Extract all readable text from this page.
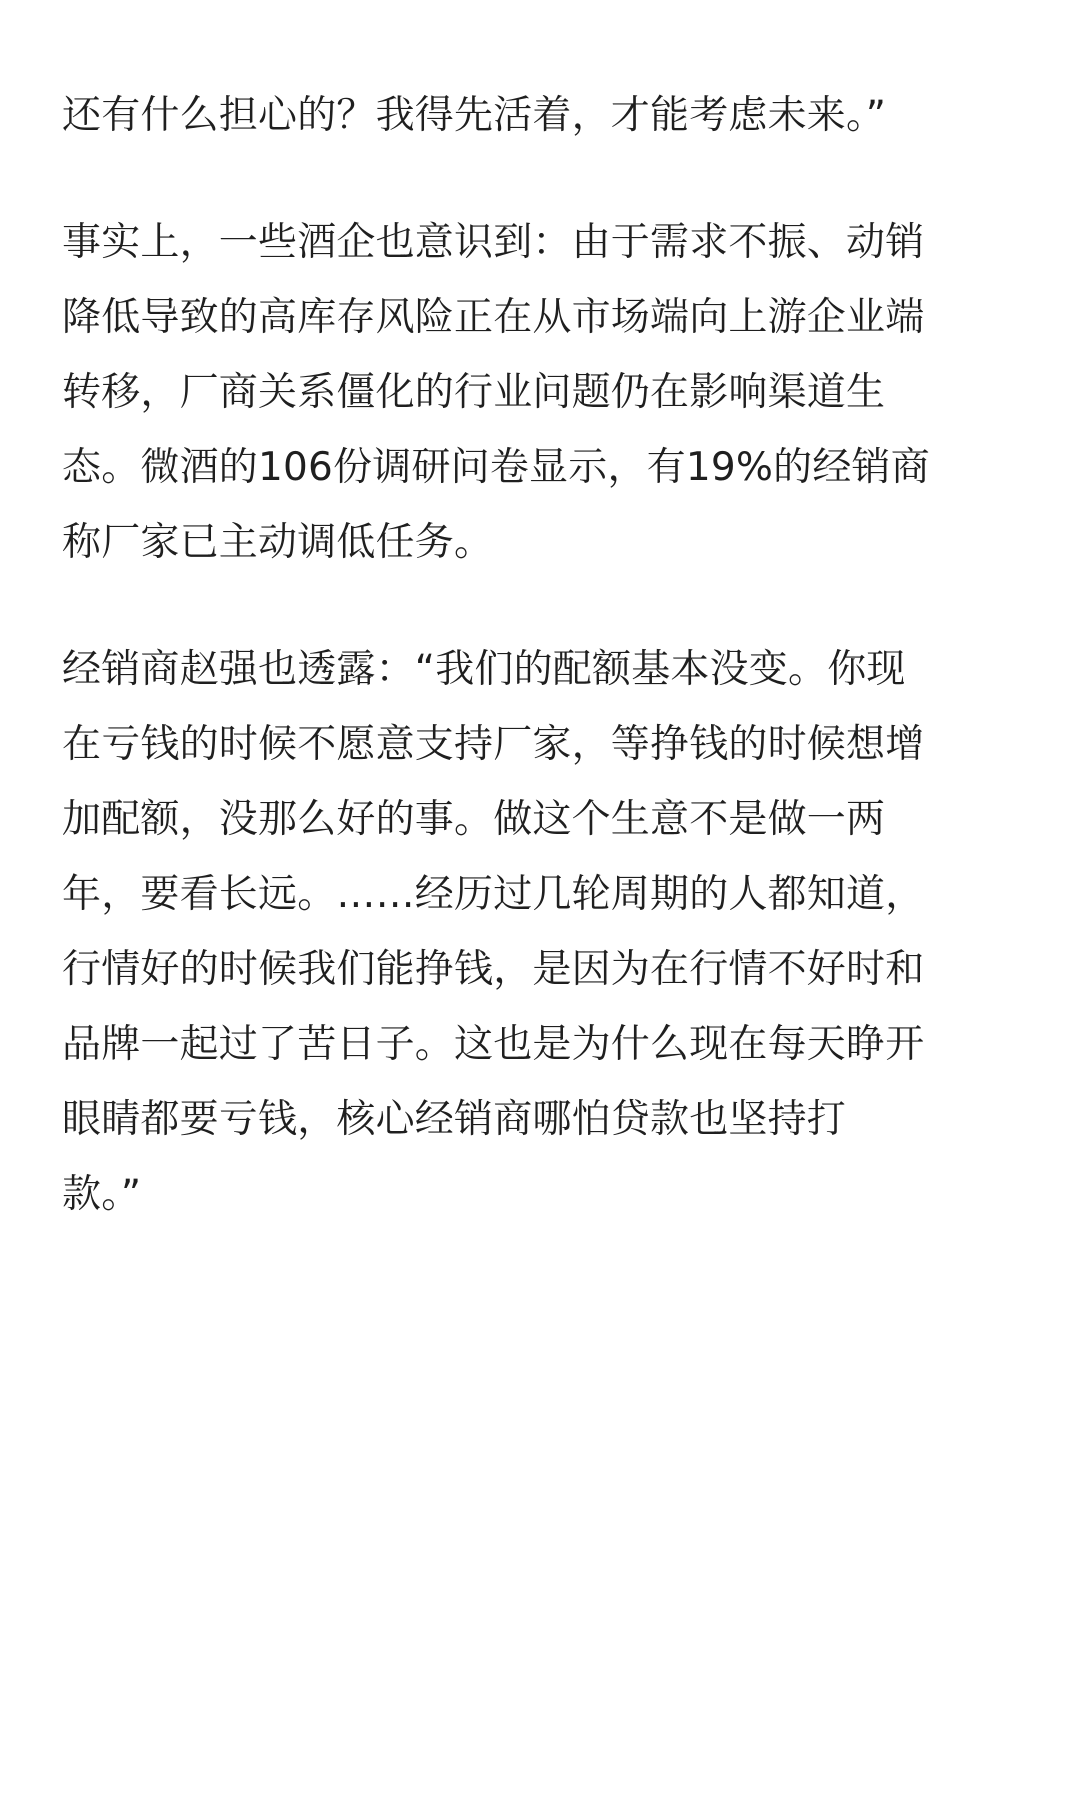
还有什么担心的？我得先活着，才能考虑未来。”

事实上，一些酒企也意识到：由于需求不振、动销
降低导致的高库存风险正在从市场端向上游企业端
转移，厂商关系僵化的行业问题仍在影响渠道生
态。微酒的106份调研问卷显示，有19%的经销商
称厂家已主动调低任务。

经销商赵强也透露：“我们的配额基本没变。你现
在亏钱的时候不愿意支持厂家，等挣钱的时候想增
加配额，没那么好的事。做这个生意不是做一两
年，要看长远。……经历过几轮周期的人都知道，
行情好的时候我们能挣钱，是因为在行情不好时和
品牌一起过了苦日子。这也是为什么现在每天睁开
眼睛都要亏钱，核心经销商哪怕贷款也坚持打
款。”
